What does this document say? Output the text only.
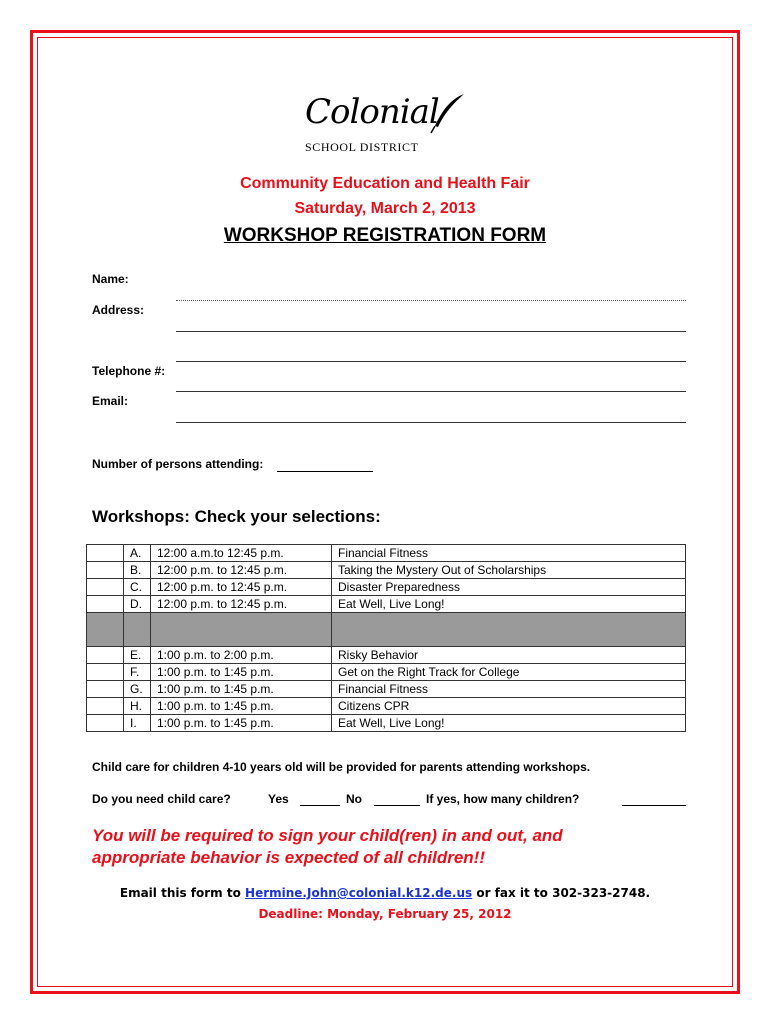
Colonial
SCHOOL DISTRICT
Community Education and Health Fair
Saturday, March 2, 2013
WORKSHOP REGISTRATION FORM
Name:
Address:
Telephone #:
Email:
Number of persons attending:
Workshops: Check your selections:
	A.	12:00 a.m.to 12:45 p.m.	Financial Fitness
	B.	12:00 p.m. to 12:45 p.m.	Taking the Mystery Out of Scholarships
	C.	12:00 p.m. to 12:45 p.m.	Disaster Preparedness
	D.	12:00 p.m. to 12:45 p.m.	Eat Well, Live Long!

	E.	1:00 p.m. to 2:00 p.m.	Risky Behavior
	F.	1:00 p.m. to 1:45 p.m.	Get on the Right Track for College
	G.	1:00 p.m. to 1:45 p.m.	Financial Fitness
	H.	1:00 p.m. to 1:45 p.m.	Citizens CPR
	I.	1:00 p.m. to 1:45 p.m.	Eat Well, Live Long!
Child care for children 4-10 years old will be provided for parents attending workshops.
Do you need child care?	Yes	No	If yes, how many children?
You will be required to sign your child(ren) in and out, and
appropriate behavior is expected of all children!!
Email this form to Hermine.John@colonial.k12.de.us or fax it to 302-323-2748.
Deadline: Monday, February 25, 2012
